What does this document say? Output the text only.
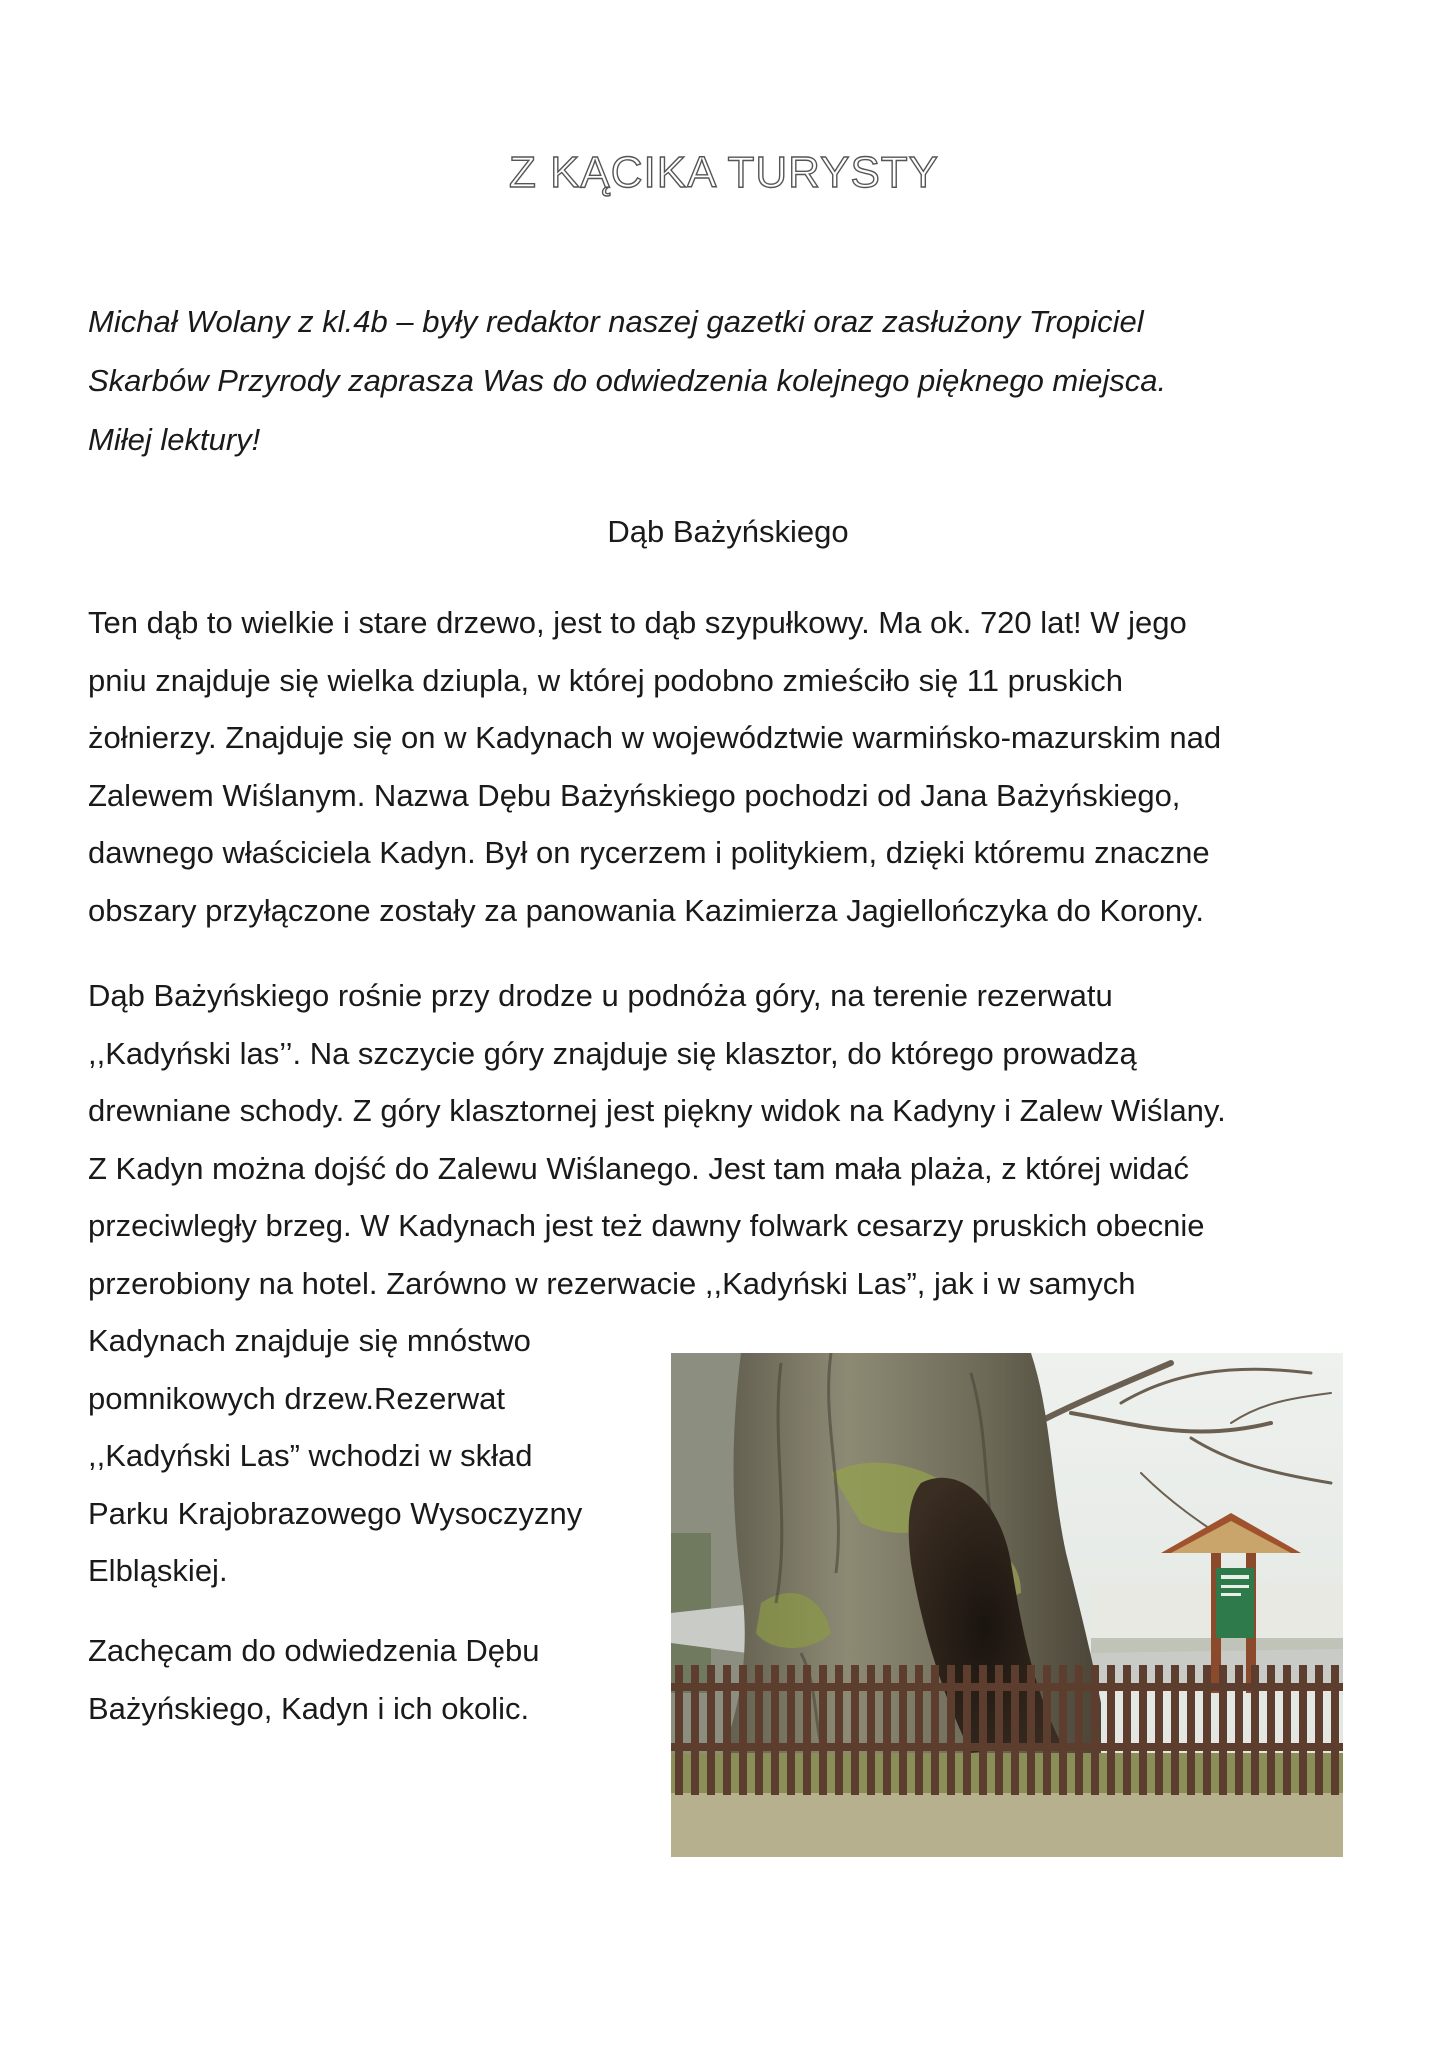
Z KĄCIKA TURYSTY
Michał Wolany z kl.4b – były redaktor naszej gazetki oraz zasłużony Tropiciel
Skarbów Przyrody zaprasza Was do odwiedzenia kolejnego pięknego miejsca.
Miłej lektury!
Dąb Bażyńskiego
Ten dąb to wielkie i stare drzewo, jest to dąb szypułkowy. Ma ok. 720 lat! W jego
pniu znajduje się wielka dziupla, w której podobno zmieściło się 11 pruskich
żołnierzy. Znajduje się on w Kadynach w województwie warmińsko-mazurskim nad
Zalewem Wiślanym. Nazwa Dębu Bażyńskiego pochodzi od Jana Bażyńskiego,
dawnego właściciela Kadyn. Był on rycerzem i politykiem, dzięki któremu znaczne
obszary przyłączone zostały za panowania Kazimierza Jagiellończyka do Korony.
Dąb Bażyńskiego rośnie przy drodze u podnóża góry, na terenie rezerwatu
,,Kadyński las’’. Na szczycie góry znajduje się klasztor, do którego prowadzą
drewniane schody. Z góry klasztornej jest piękny widok na Kadyny i Zalew Wiślany.
Z Kadyn można dojść do Zalewu Wiślanego. Jest tam mała plaża, z której widać
przeciwległy brzeg. W Kadynach jest też dawny folwark cesarzy pruskich obecnie
przerobiony na hotel. Zarówno w rezerwacie ,,Kadyński Las”, jak i w samych
Kadynach znajduje się mnóstwo
pomnikowych drzew.Rezerwat
,,Kadyński Las” wchodzi w skład
Parku Krajobrazowego Wysoczyzny
Elbląskiej.
Zachęcam do odwiedzenia Dębu
Bażyńskiego, Kadyn i ich okolic.
